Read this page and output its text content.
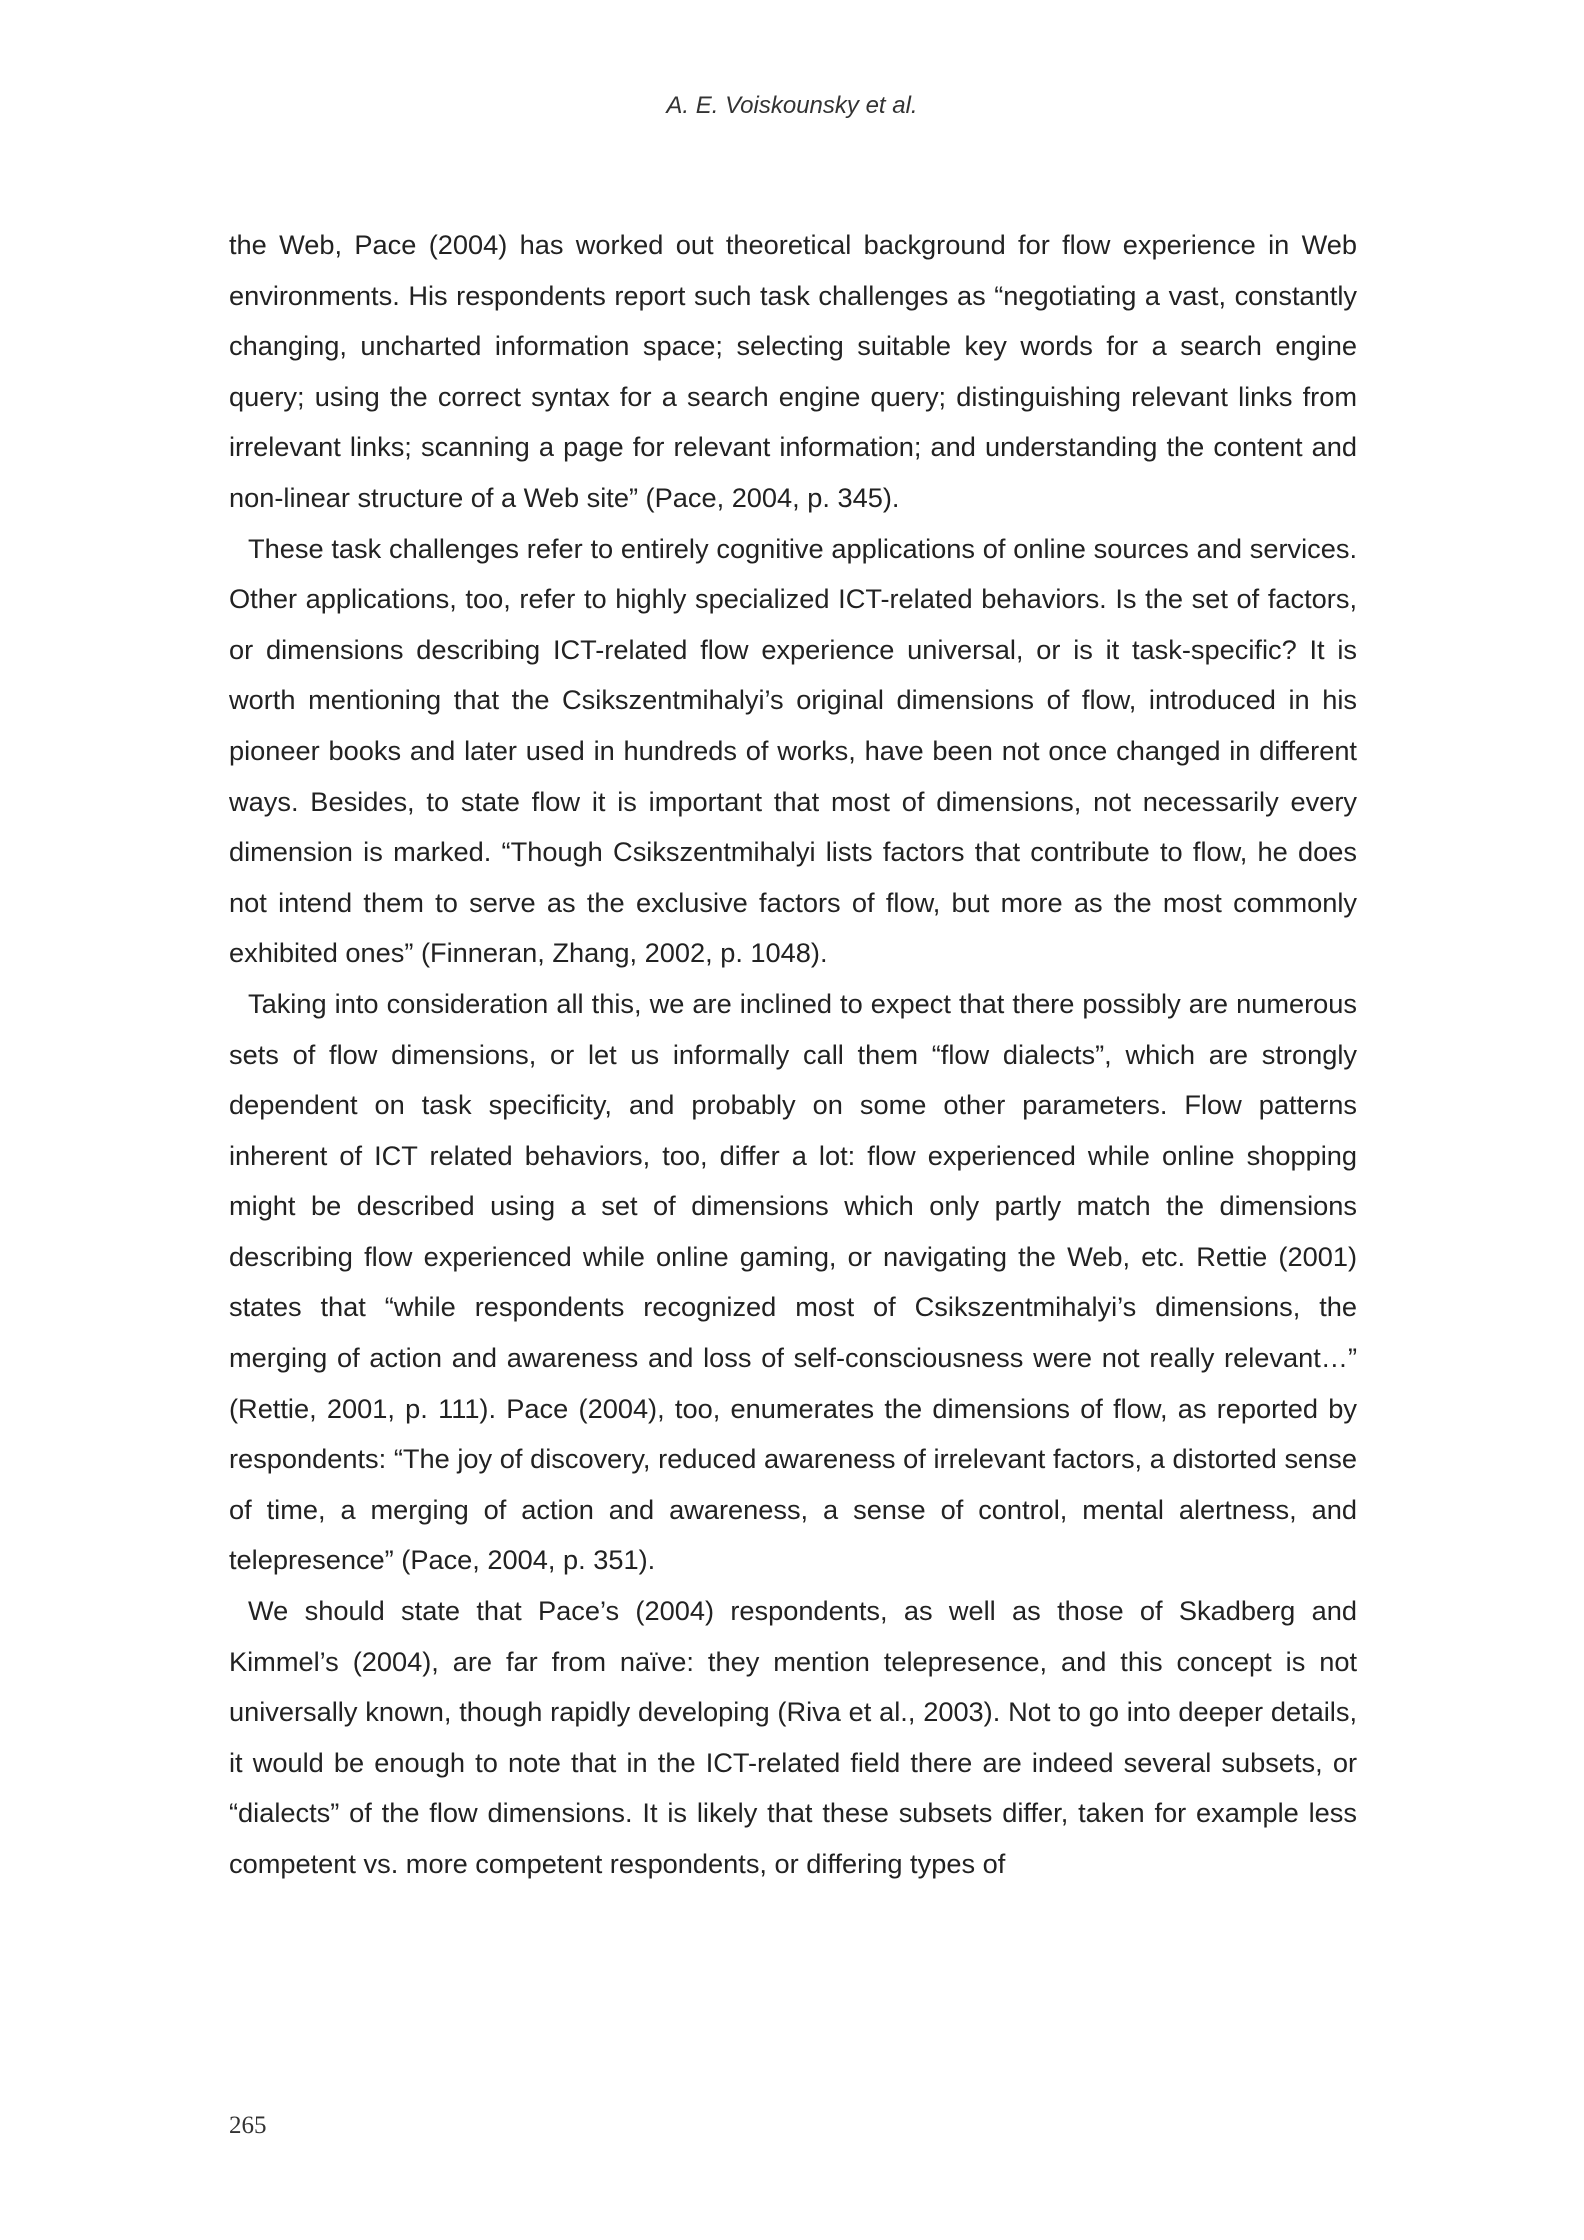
A. E. Voiskounsky et al.

the Web, Pace (2004) has worked out theoretical background for flow experience in Web environments. His respondents report such task challenges as “negotiating a vast, constantly changing, uncharted information space; selecting suitable key words for a search engine query; using the correct syntax for a search engine query; distinguishing relevant links from irrelevant links; scanning a page for relevant information; and understanding the content and non-linear structure of a Web site” (Pace, 2004, p. 345).

These task challenges refer to entirely cognitive applications of online sources and services. Other applications, too, refer to highly specialized ICT-related behaviors. Is the set of factors, or dimensions describing ICT-related flow experience universal, or is it task-specific? It is worth mentioning that the Csikszentmihalyi’s original dimensions of flow, introduced in his pioneer books and later used in hundreds of works, have been not once changed in different ways. Besides, to state flow it is important that most of dimensions, not necessarily every dimension is marked. “Though Csikszentmihalyi lists factors that contribute to flow, he does not intend them to serve as the exclusive factors of flow, but more as the most commonly exhibited ones” (Finneran, Zhang, 2002, p. 1048).

Taking into consideration all this, we are inclined to expect that there possibly are numerous sets of flow dimensions, or let us informally call them “flow dialects”, which are strongly dependent on task specificity, and probably on some other parameters. Flow patterns inherent of ICT related behaviors, too, differ a lot: flow experienced while online shopping might be described using a set of dimensions which only partly match the dimensions describing flow experienced while online gaming, or navigating the Web, etc. Rettie (2001) states that “while respondents recognized most of Csikszentmihalyi’s dimensions, the merging of action and awareness and loss of self-consciousness were not really relevant…” (Rettie, 2001, p. 111). Pace (2004), too, enumerates the dimensions of flow, as reported by respondents: “The joy of discovery, reduced awareness of irrelevant factors, a distorted sense of time, a merging of action and awareness, a sense of control, mental alertness, and telepresence” (Pace, 2004, p. 351).

We should state that Pace’s (2004) respondents, as well as those of Skadberg and Kimmel’s (2004), are far from naïve: they mention telepresence, and this concept is not universally known, though rapidly developing (Riva et al., 2003). Not to go into deeper details, it would be enough to note that in the ICT-related field there are indeed several subsets, or “dialects” of the flow dimensions. It is likely that these subsets differ, taken for example less competent vs. more competent respondents, or differing types of

265
